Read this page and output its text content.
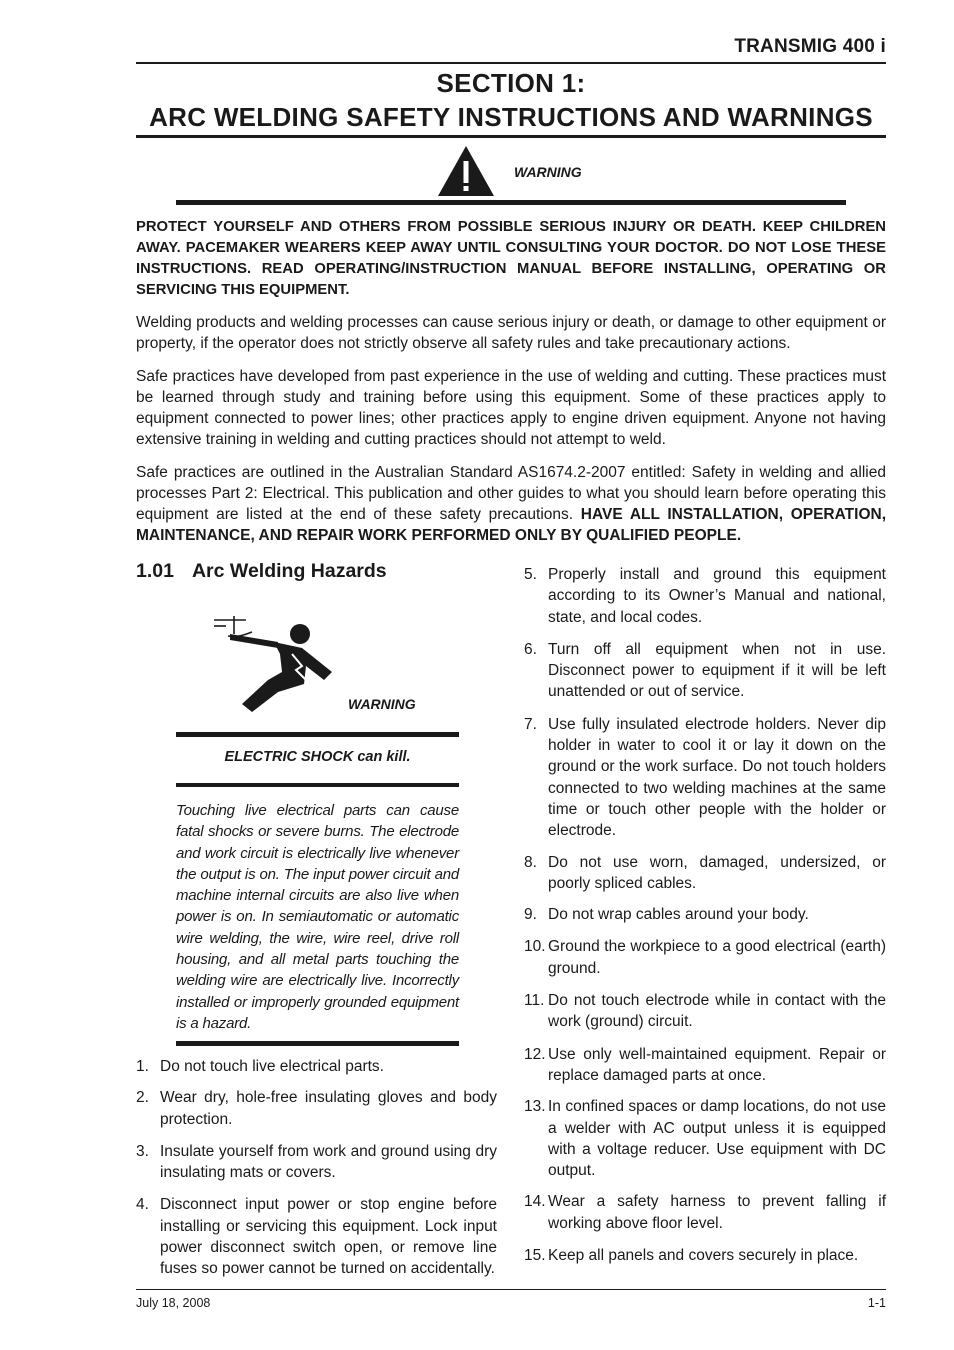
TRANSMIG 400 i
SECTION 1:
ARC WELDING SAFETY INSTRUCTIONS AND WARNINGS
WARNING
PROTECT YOURSELF AND OTHERS FROM POSSIBLE SERIOUS INJURY OR DEATH. KEEP CHILDREN AWAY. PACEMAKER WEARERS KEEP AWAY UNTIL CONSULTING YOUR DOCTOR. DO NOT LOSE THESE INSTRUCTIONS. READ OPERATING/INSTRUCTION MANUAL BEFORE INSTALLING, OPERATING OR SERVICING THIS EQUIPMENT.
Welding products and welding processes can cause serious injury or death, or damage to other equipment or property, if the operator does not strictly observe all safety rules and take precautionary actions.
Safe practices have developed from past experience in the use of welding and cutting. These practices must be learned through study and training before using this equipment. Some of these practices apply to equipment connected to power lines; other practices apply to engine driven equipment. Anyone not having extensive training in welding and cutting practices should not attempt to weld.
Safe practices are outlined in the Australian Standard AS1674.2-2007 entitled: Safety in welding and allied processes Part 2: Electrical. This publication and other guides to what you should learn before operating this equipment are listed at the end of these safety precautions. HAVE ALL INSTALLATION, OPERATION, MAINTENANCE, AND REPAIR WORK PERFORMED ONLY BY QUALIFIED PEOPLE.
1.01 Arc Welding Hazards
WARNING
ELECTRIC SHOCK can kill.
Touching live electrical parts can cause fatal shocks or severe burns. The electrode and work circuit is electrically live whenever the output is on. The input power circuit and machine internal circuits are also live when power is on. In semiautomatic or automatic wire welding, the wire, wire reel, drive roll housing, and all metal parts touching the welding wire are electrically live. Incorrectly installed or improperly grounded equipment is a hazard.
1. Do not touch live electrical parts.
2. Wear dry, hole-free insulating gloves and body protection.
3. Insulate yourself from work and ground using dry insulating mats or covers.
4. Disconnect input power or stop engine before installing or servicing this equipment. Lock input power disconnect switch open, or remove line fuses so power cannot be turned on accidentally.
5. Properly install and ground this equipment according to its Owner’s Manual and national, state, and local codes.
6. Turn off all equipment when not in use. Disconnect power to equipment if it will be left unattended or out of service.
7. Use fully insulated electrode holders. Never dip holder in water to cool it or lay it down on the ground or the work surface. Do not touch holders connected to two welding machines at the same time or touch other people with the holder or electrode.
8. Do not use worn, damaged, undersized, or poorly spliced cables.
9. Do not wrap cables around your body.
10. Ground the workpiece to a good electrical (earth) ground.
11. Do not touch electrode while in contact with the work (ground) circuit.
12. Use only well-maintained equipment. Repair or replace damaged parts at once.
13. In confined spaces or damp locations, do not use a welder with AC output unless it is equipped with a voltage reducer. Use equipment with DC output.
14. Wear a safety harness to prevent falling if working above floor level.
15. Keep all panels and covers securely in place.
July 18, 2008	1-1
